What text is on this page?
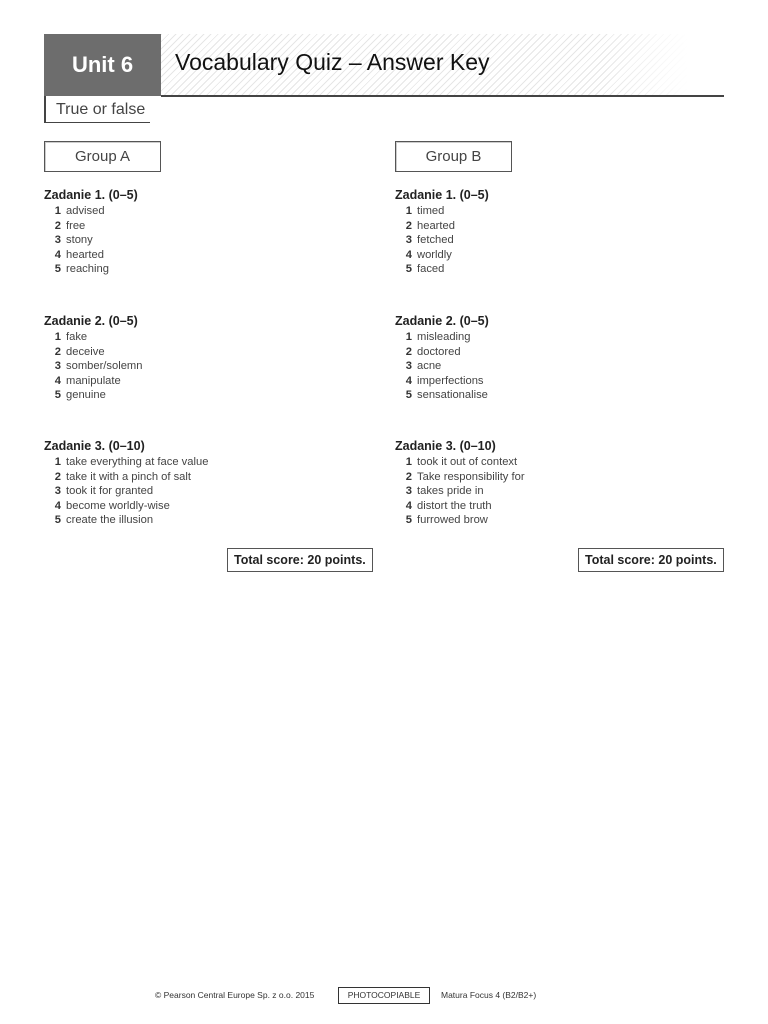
Unit 6	Vocabulary Quiz – Answer Key
True or false
Group A
Zadanie 1. (0–5)
1 advised
2 free
3 stony
4 hearted
5 reaching
Zadanie 2. (0–5)
1 fake
2 deceive
3 somber/solemn
4 manipulate
5 genuine
Zadanie 3. (0–10)
1 take everything at face value
2 take it with a pinch of salt
3 took it for granted
4 become worldly-wise
5 create the illusion
Group B
Zadanie 1. (0–5)
1 timed
2 hearted
3 fetched
4 worldly
5 faced
Zadanie 2. (0–5)
1 misleading
2 doctored
3 acne
4 imperfections
5 sensationalise
Zadanie 3. (0–10)
1 took it out of context
2 Take responsibility for
3 takes pride in
4 distort the truth
5 furrowed brow
Total score: 20 points.	Total score: 20 points.
© Pearson Central Europe Sp. z o.o. 2015	PHOTOCOPIABLE	Matura Focus 4 (B2/B2+)
